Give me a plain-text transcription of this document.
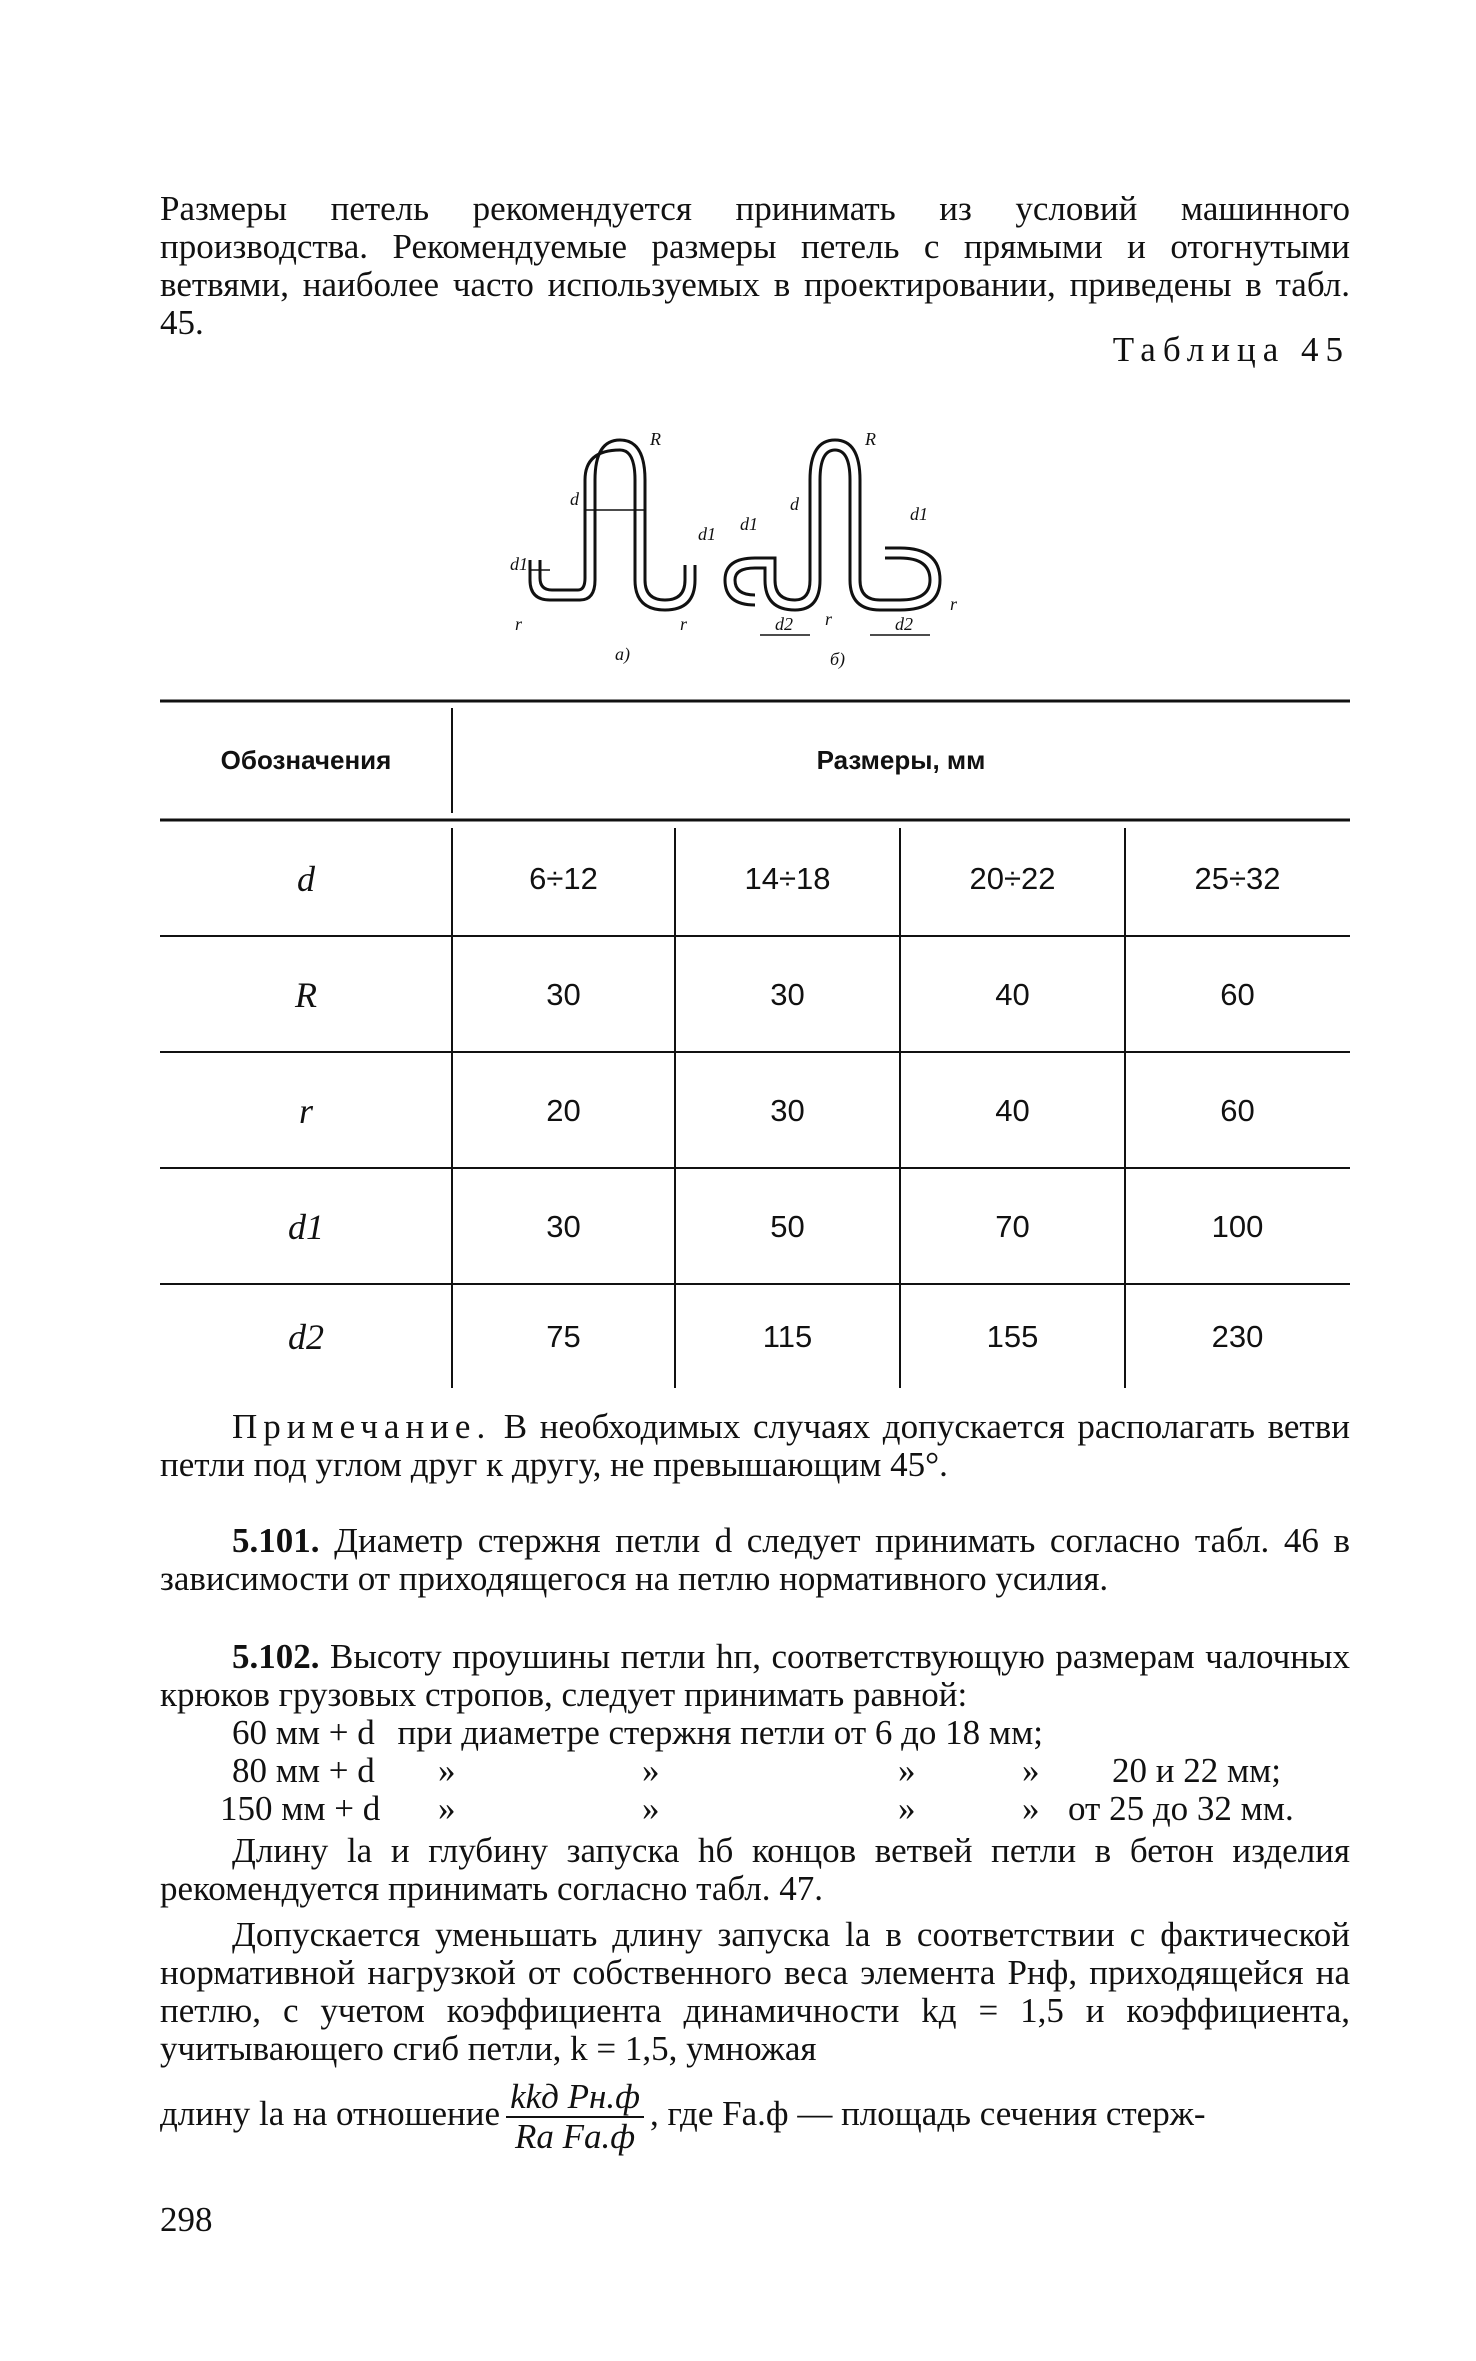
Размеры петель рекомендуется принимать из условий машинного производства. Рекомендуемые размеры петель с прямыми и отогнутыми ветвями, наиболее часто используемых в проектировании, приведены в табл. 45.

Таблица 45
d
R
d1
d1
r	r
а)
d1
d
R
d2
d1
d2
r
r
б)
Обозначения	Размеры, мм
d	6÷12	14÷18	20÷22	25÷32
R	30	30	40	60
r	20	30	40	60
d1	30	50	70	100
d2	75	115	155	230

Примечание. В необходимых случаях допускается располагать ветви петли под углом друг к другу, не превышающим 45°.

5.101. Диаметр стержня петли d следует принимать согласно табл. 46 в зависимости от приходящегося на петлю нормативного усилия.

5.102. Высоту проушины петли hп, соответствующую размерам чалочных крюков грузовых стропов, следует принимать равной:

60 мм + d при диаметре стержня петли от 6 до 18 мм;
80 мм + d »	»	»	» 20 и 22 мм;
150 мм + d »	»	»	» от 25 до 32 мм.

Длину lа и глубину запуска hб концов ветвей петли в бетон изделия рекомендуется принимать согласно табл. 47.

Допускается уменьшать длину запуска lа в соответствии с фактической нормативной нагрузкой от собственного веса элемента Pнф, приходящейся на петлю, с учетом коэффициента динамичности kд = 1,5 и коэффициента, учитывающего сгиб петли, k = 1,5, умножая

длину lа на отношение $\frac{\text{kkд Pн.ф}}{\text{Rа Fа.ф}}$ , где Fа.ф — площадь сечения стерж-
298
